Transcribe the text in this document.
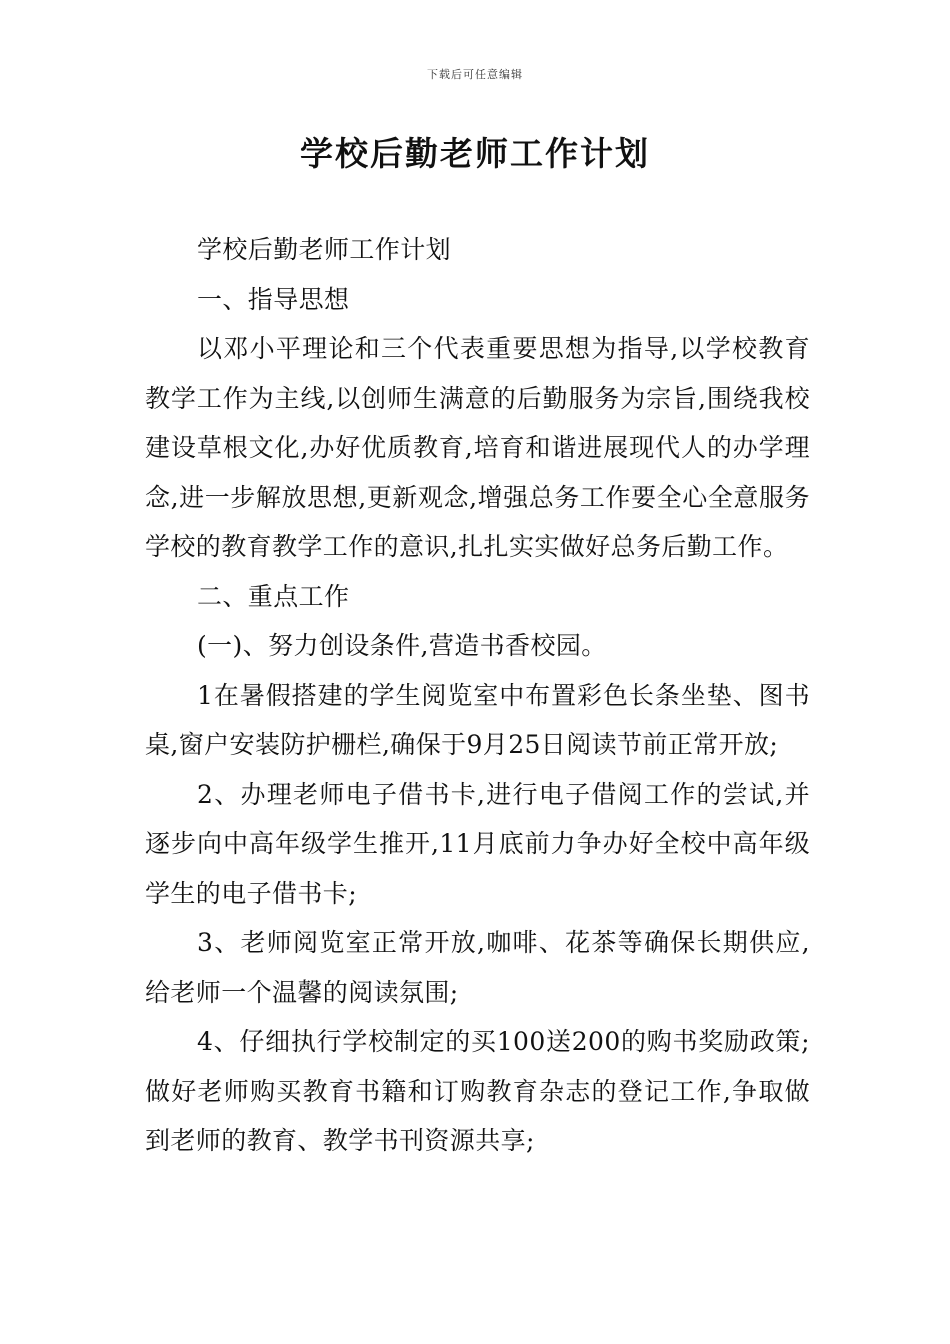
下载后可任意编辑
学校后勤老师工作计划

学校后勤老师工作计划

一、指导思想

以邓小平理论和三个代表重要思想为指导,以学校教育教学工作为主线,以创师生满意的后勤服务为宗旨,围绕我校建设草根文化,办好优质教育,培育和谐进展现代人的办学理念,进一步解放思想,更新观念,增强总务工作要全心全意服务学校的教育教学工作的意识,扎扎实实做好总务后勤工作。

二、重点工作

(一)、努力创设条件,营造书香校园。

1在暑假搭建的学生阅览室中布置彩色长条坐垫、图书桌,窗户安装防护栅栏,确保于9月25日阅读节前正常开放;

2、办理老师电子借书卡,进行电子借阅工作的尝试,并逐步向中高年级学生推开,11月底前力争办好全校中高年级学生的电子借书卡;

3、老师阅览室正常开放,咖啡、花茶等确保长期供应,给老师一个温馨的阅读氛围;

4、仔细执行学校制定的买100送200的购书奖励政策;做好老师购买教育书籍和订购教育杂志的登记工作,争取做到老师的教育、教学书刊资源共享;
